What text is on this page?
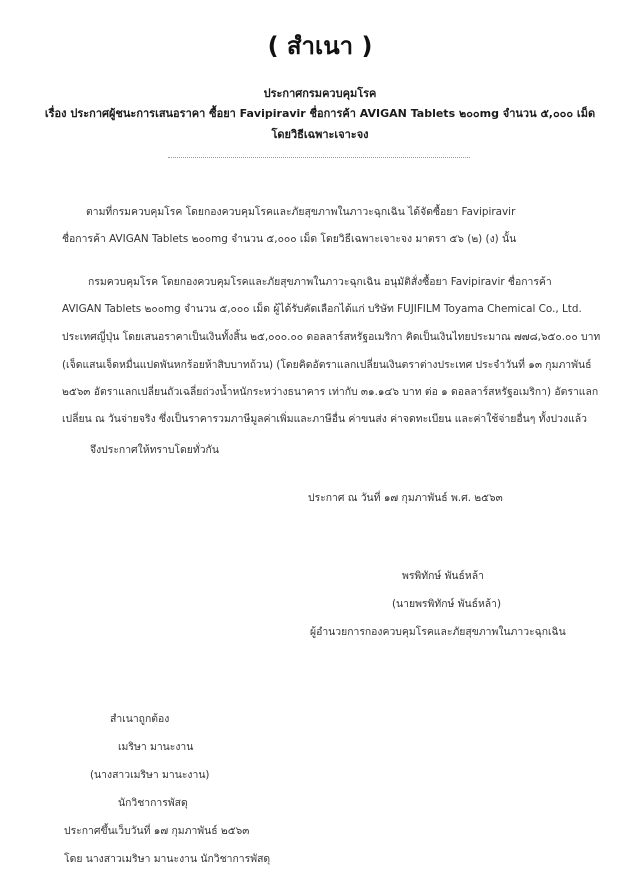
( สำเนา )
ประกาศกรมควบคุมโรค
เรื่อง ประกาศผู้ชนะการเสนอราคา ซื้อยา Favipiravir ชื่อการค้า AVIGAN Tablets ๒๐๐mg จำนวน ๕,๐๐๐ เม็ด
โดยวิธีเฉพาะเจาะจง
ตามที่กรมควบคุมโรค โดยกองควบคุมโรคและภัยสุขภาพในภาวะฉุกเฉิน ได้จัดซื้อยา Favipiravir
ชื่อการค้า AVIGAN Tablets ๒๐๐mg จำนวน ๕,๐๐๐ เม็ด โดยวิธีเฉพาะเจาะจง มาตรา ๕๖ (๒) (ง) นั้น
กรมควบคุมโรค โดยกองควบคุมโรคและภัยสุขภาพในภาวะฉุกเฉิน อนุมัติสั่งซื้อยา Favipiravir ชื่อการค้า
AVIGAN Tablets ๒๐๐mg จำนวน ๕,๐๐๐ เม็ด ผู้ได้รับคัดเลือกได้แก่ บริษัท FUJIFILM Toyama Chemical Co., Ltd.
ประเทศญี่ปุ่น โดยเสนอราคาเป็นเงินทั้งสิ้น ๒๕,๐๐๐.๐๐ ดอลลาร์สหรัฐอเมริกา คิดเป็นเงินไทยประมาณ ๗๗๘,๖๕๐.๐๐ บาท
(เจ็ดแสนเจ็ดหมื่นแปดพันหกร้อยห้าสิบบาทถ้วน) (โดยคิดอัตราแลกเปลี่ยนเงินตราต่างประเทศ ประจำวันที่ ๑๓ กุมภาพันธ์
๒๕๖๓ อัตราแลกเปลี่ยนถัวเฉลี่ยถ่วงน้ำหนักระหว่างธนาคาร เท่ากับ ๓๑.๑๔๖ บาท ต่อ ๑ ดอลลาร์สหรัฐอเมริกา) อัตราแลก
เปลี่ยน ณ วันจ่ายจริง ซึ่งเป็นราคารวมภาษีมูลค่าเพิ่มและภาษีอื่น ค่าขนส่ง ค่าจดทะเบียน และค่าใช้จ่ายอื่นๆ ทั้งปวงแล้ว
จึงประกาศให้ทราบโดยทั่วกัน
ประกาศ ณ วันที่ ๑๗ กุมภาพันธ์ พ.ศ. ๒๕๖๓
พรพิทักษ์ พันธ์หล้า
(นายพรพิทักษ์ พันธ์หล้า)
ผู้อำนวยการกองควบคุมโรคและภัยสุขภาพในภาวะฉุกเฉิน
สำเนาถูกต้อง
เมริษา มานะงาน
(นางสาวเมริษา มานะงาน)
นักวิชาการพัสดุ
ประกาศขึ้นเว็บวันที่ ๑๗ กุมภาพันธ์ ๒๕๖๓
โดย นางสาวเมริษา มานะงาน นักวิชาการพัสดุ
